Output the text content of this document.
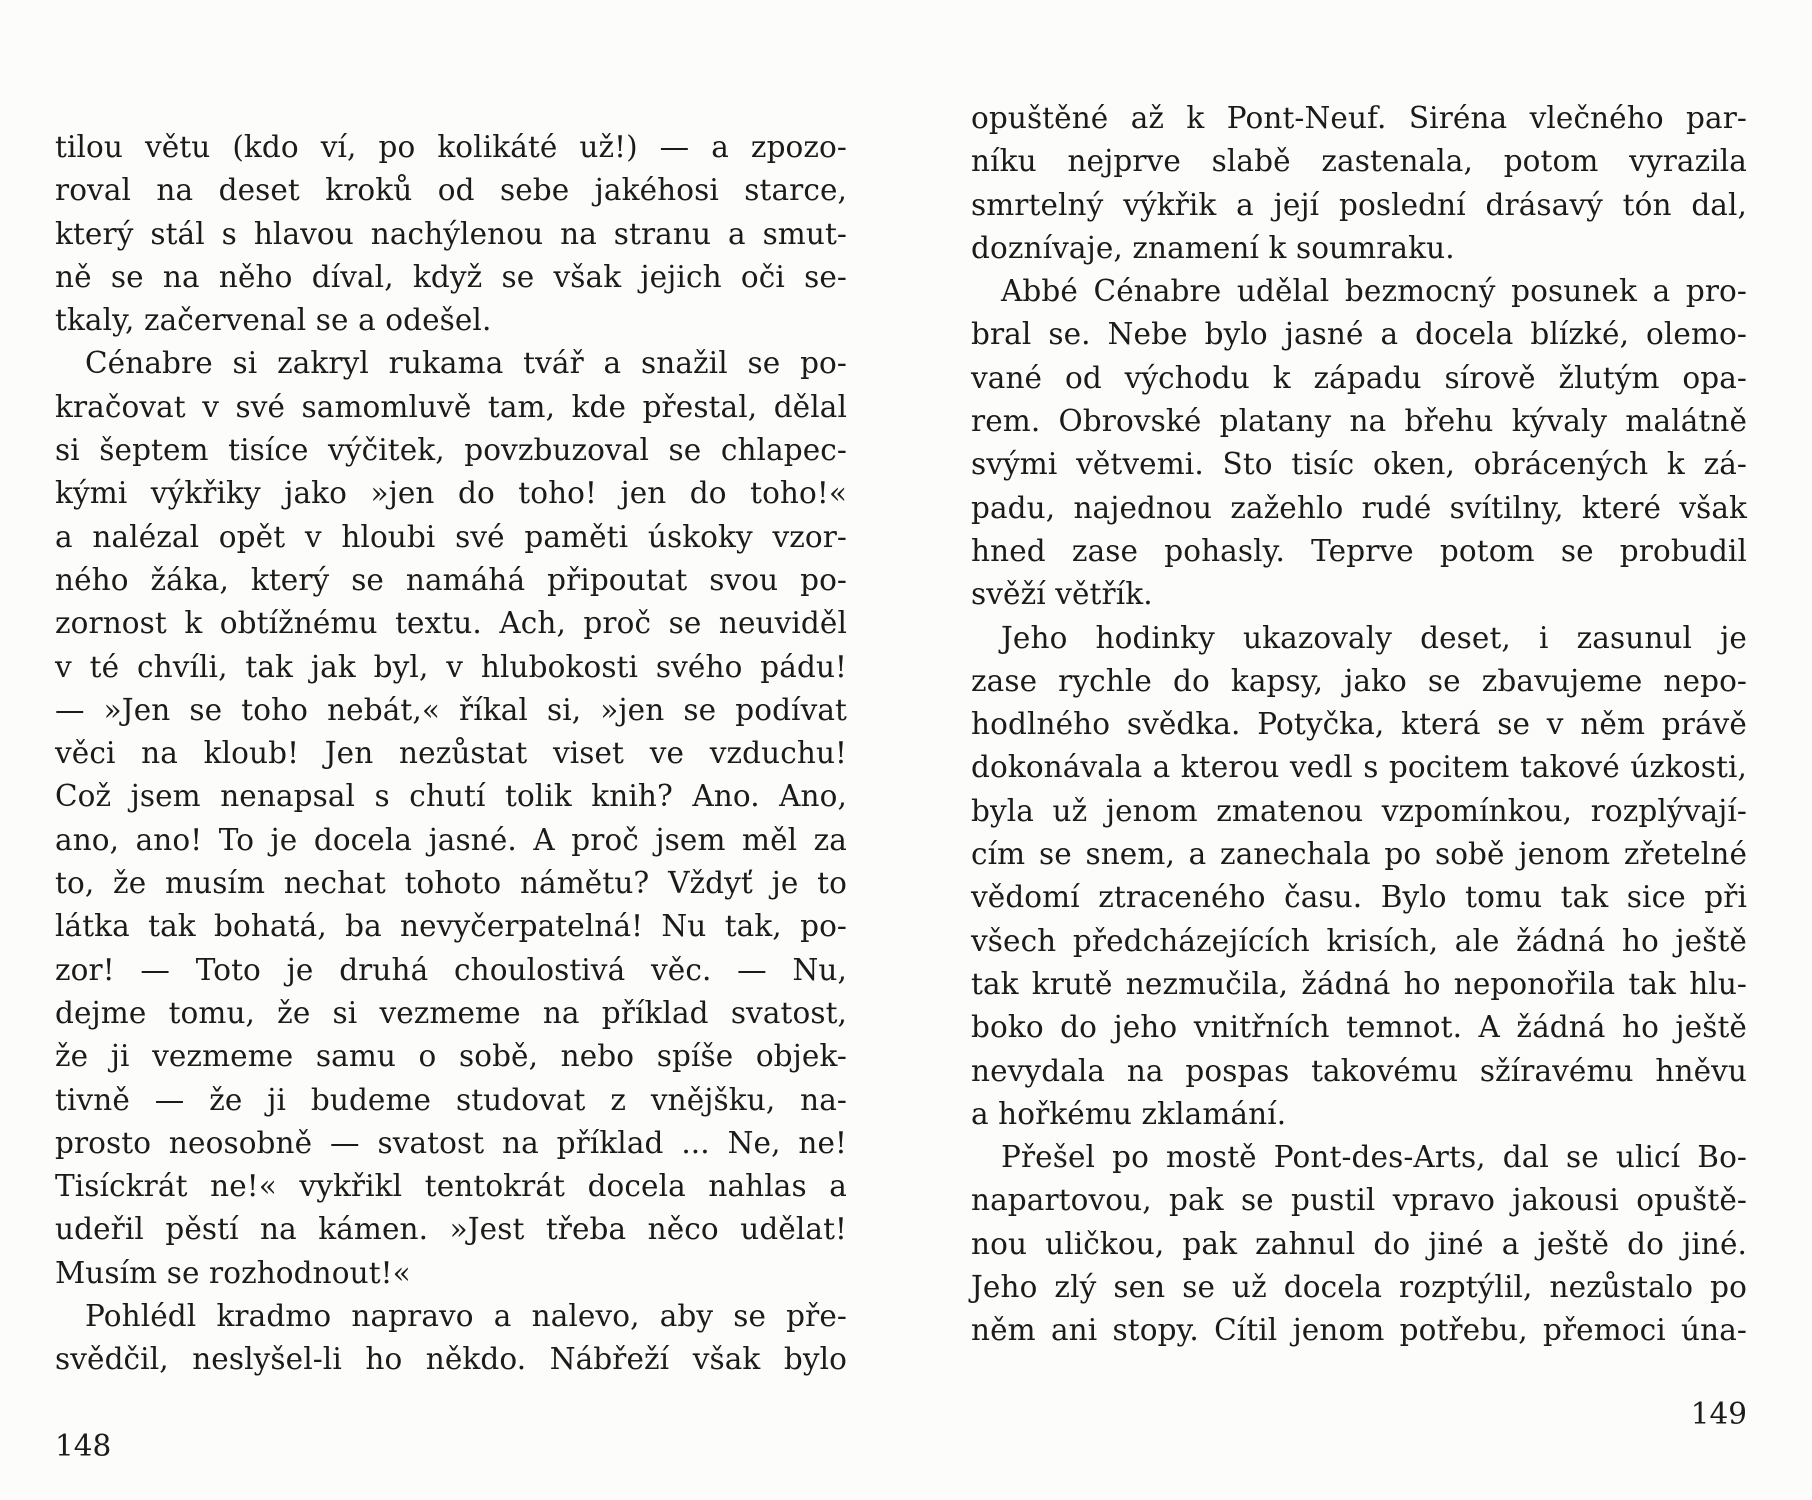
tilou větu (kdo ví, po kolikáté už!) — a zpozo-
roval na deset kroků od sebe jakéhosi starce,
který stál s hlavou nachýlenou na stranu a smut-
ně se na něho díval, když se však jejich oči se-
tkaly, začervenal se a odešel.
Cénabre si zakryl rukama tvář a snažil se po-
kračovat v své samomluvě tam, kde přestal, dělal
si šeptem tisíce výčitek, povzbuzoval se chlapec-
kými výkřiky jako »jen do toho! jen do toho!«
a nalézal opět v hloubi své paměti úskoky vzor-
ného žáka, který se namáhá připoutat svou po-
zornost k obtížnému textu. Ach, proč se neuviděl
v té chvíli, tak jak byl, v hlubokosti svého pádu!
— »Jen se toho nebát,« říkal si, »jen se podívat
věci na kloub! Jen nezůstat viset ve vzduchu!
Což jsem nenapsal s chutí tolik knih? Ano. Ano,
ano, ano! To je docela jasné. A proč jsem měl za
to, že musím nechat tohoto námětu? Vždyť je to
látka tak bohatá, ba nevyčerpatelná! Nu tak, po-
zor! — Toto je druhá choulostivá věc. — Nu,
dejme tomu, že si vezmeme na příklad svatost,
že ji vezmeme samu o sobě, nebo spíše objek-
tivně — že ji budeme studovat z vnějšku, na-
prosto neosobně — svatost na příklad ... Ne, ne!
Tisíckrát ne!« vykřikl tentokrát docela nahlas a
udeřil pěstí na kámen. »Jest třeba něco udělat!
Musím se rozhodnout!«
Pohlédl kradmo napravo a nalevo, aby se pře-
svědčil, neslyšel-li ho někdo. Nábřeží však bylo
148
opuštěné až k Pont-Neuf. Siréna vlečného par-
níku nejprve slabě zastenala, potom vyrazila
smrtelný výkřik a její poslední drásavý tón dal,
doznívaje, znamení k soumraku.
Abbé Cénabre udělal bezmocný posunek a pro-
bral se. Nebe bylo jasné a docela blízké, olemo-
vané od východu k západu sírově žlutým opa-
rem. Obrovské platany na břehu kývaly malátně
svými větvemi. Sto tisíc oken, obrácených k zá-
padu, najednou zažehlo rudé svítilny, které však
hned zase pohasly. Teprve potom se probudil
svěží větřík.
Jeho hodinky ukazovaly deset, i zasunul je
zase rychle do kapsy, jako se zbavujeme nepo-
hodlného svědka. Potyčka, která se v něm právě
dokonávala a kterou vedl s pocitem takové úzkosti,
byla už jenom zmatenou vzpomínkou, rozplývají-
cím se snem, a zanechala po sobě jenom zřetelné
vědomí ztraceného času. Bylo tomu tak sice při
všech předcházejících krisích, ale žádná ho ještě
tak krutě nezmučila, žádná ho neponořila tak hlu-
boko do jeho vnitřních temnot. A žádná ho ještě
nevydala na pospas takovému sžíravému hněvu
a hořkému zklamání.
Přešel po mostě Pont-des-Arts, dal se ulicí Bo-
napartovou, pak se pustil vpravo jakousi opuště-
nou uličkou, pak zahnul do jiné a ještě do jiné.
Jeho zlý sen se už docela rozptýlil, nezůstalo po
něm ani stopy. Cítil jenom potřebu, přemoci úna-
149
